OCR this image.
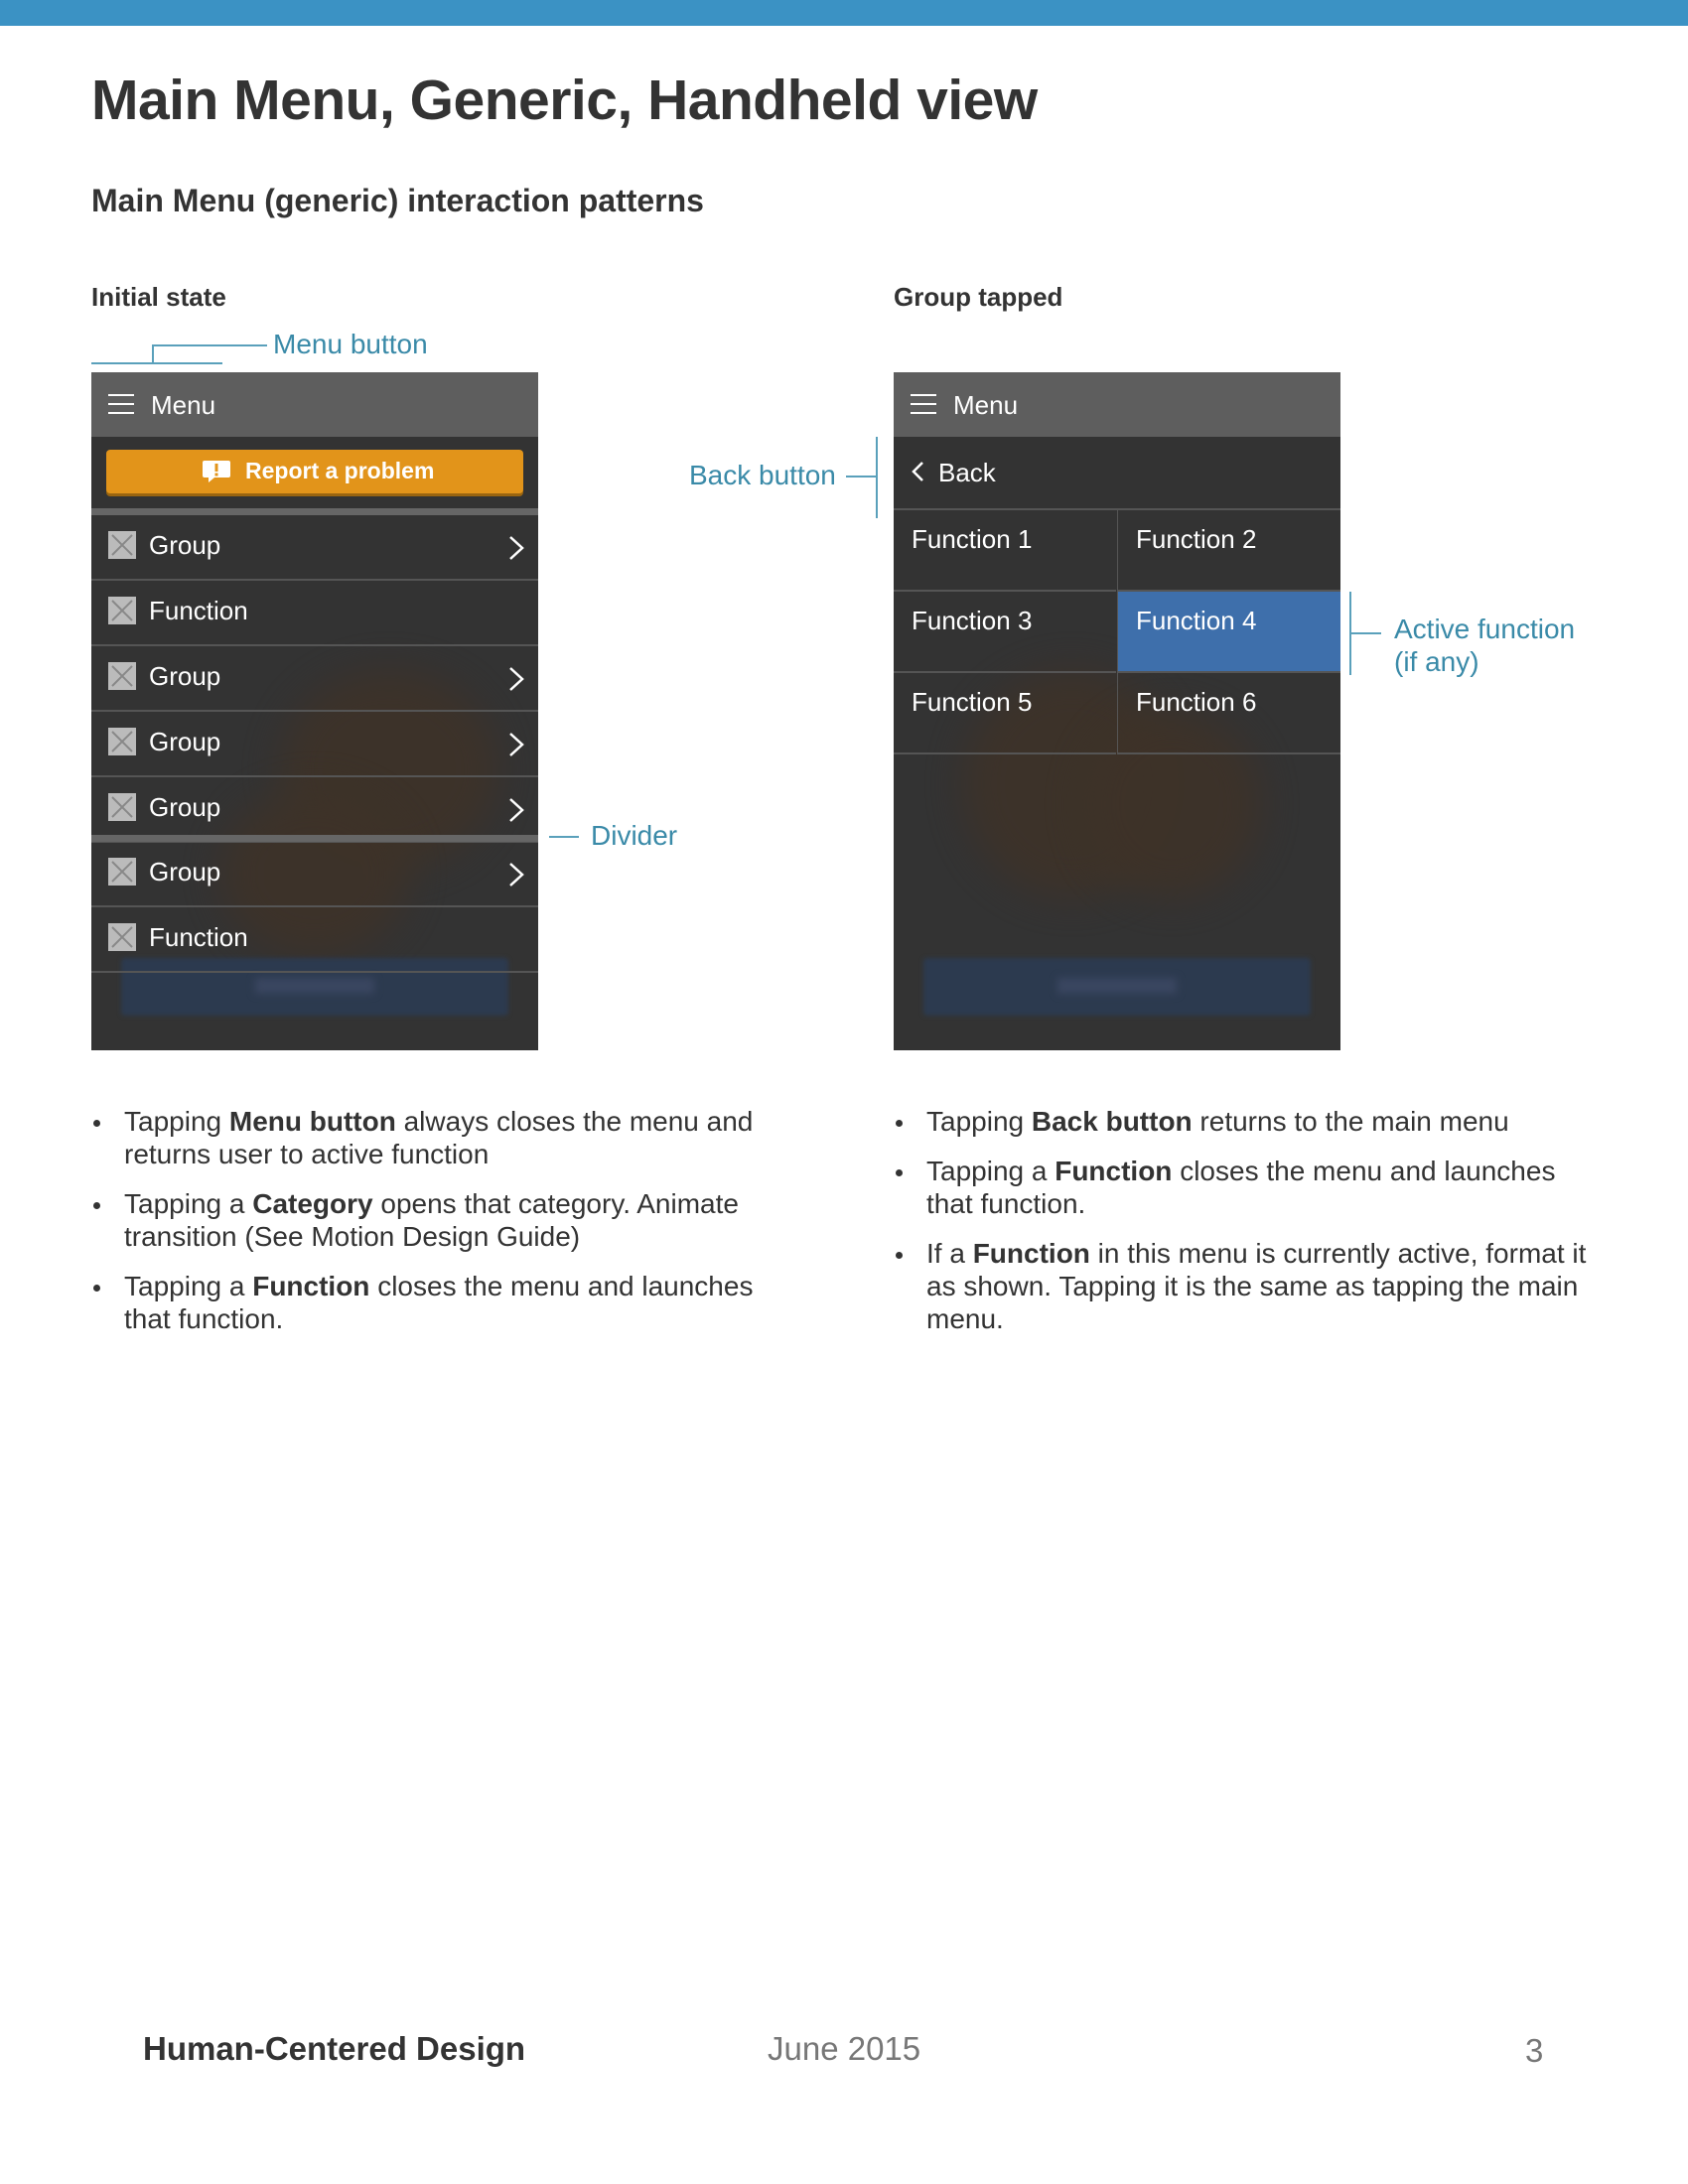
Main Menu, Generic, Handheld view
Main Menu (generic) interaction patterns
Initial state
Menu button
Menu
Report a problem
Group
Function
Group
Group
Group
Group
Function
Divider
Tapping Menu button always closes the menu and returns user to active function
Tapping a Category opens that category. Animate transition (See Motion Design Guide)
Tapping a Function closes the menu and launches that function.
Group tapped
Back button
Menu
Back
Function 1	Function 2
Function 3	Function 4
Function 5	Function 6
Active function
(if any)
Tapping Back button returns to the main menu
Tapping a Function closes the menu and launches that function.
If a Function in this menu is currently active, format it as shown. Tapping it is the same as tapping the main menu.
Human-Centered Design	June 2015	3
